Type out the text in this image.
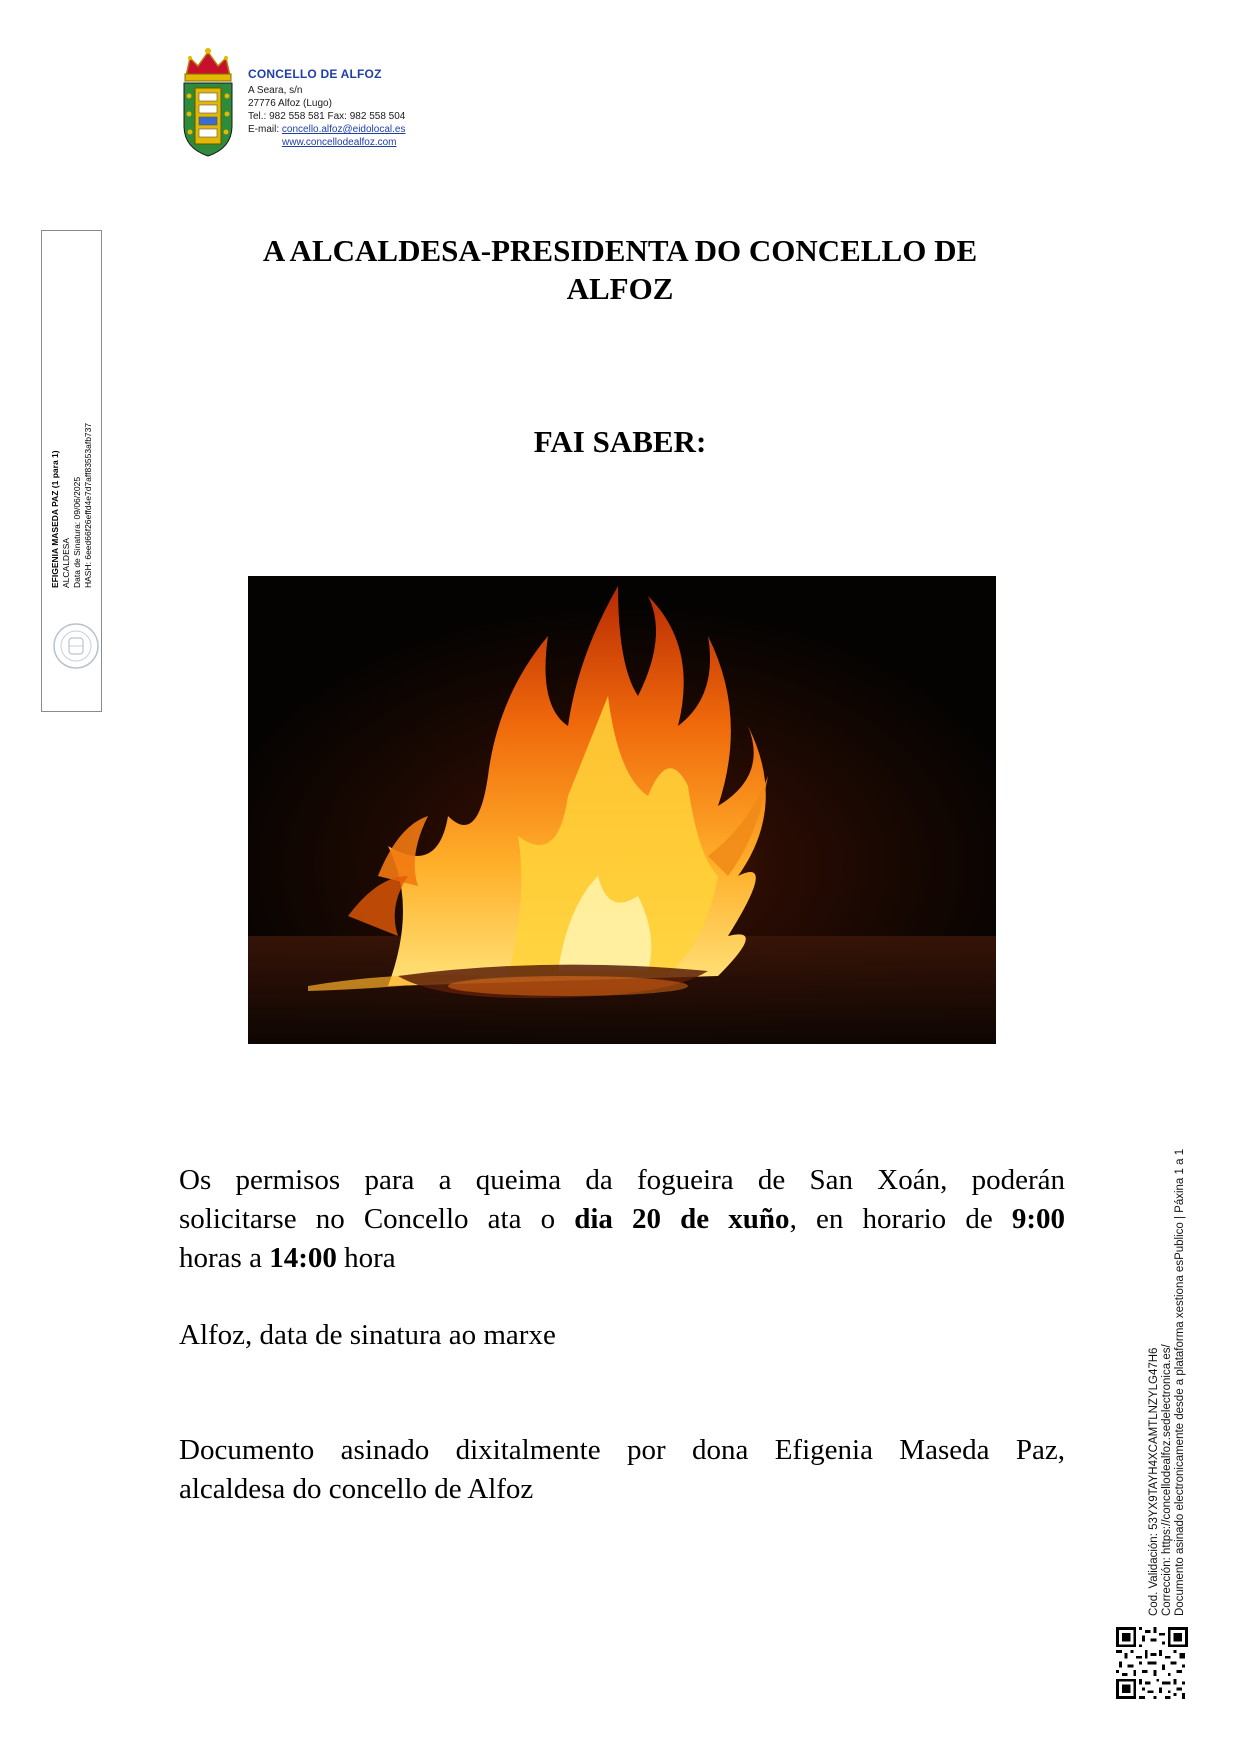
CONCELLO DE ALFOZ
A Seara, s/n
27776 Alfoz (Lugo)
Tel.: 982 558 581 Fax: 982 558 504
E-mail: concello.alfoz@eidolocal.es
www.concellodealfoz.com
EFIGENIA MASEDA PAZ (1 para 1) ALCALDESA Data de Sinatura: 09/06/2025 HASH: 6eed66f26effd4e7d7aff83553afb737
A ALCALDESA-PRESIDENTA DO CONCELLO DE
ALFOZ
FAI SABER:
Os permisos para a queima da fogueira de San Xoán, poderán
solicitarse no Concello ata o dia 20 de xuño, en horario de 9:00
horas a 14:00 hora
Alfoz, data de sinatura ao marxe
Documento asinado dixitalmente por dona Efigenia Maseda Paz,
alcaldesa do concello de Alfoz	Cod. Validación: 53YX9TAYH4XCAMTLNZYLG47H6 Corrección: https://concellodealfoz.sedelectronica.es/ Documento asinado electronicamente desde a plataforma xestiona esPublico | Páxina 1 a 1
